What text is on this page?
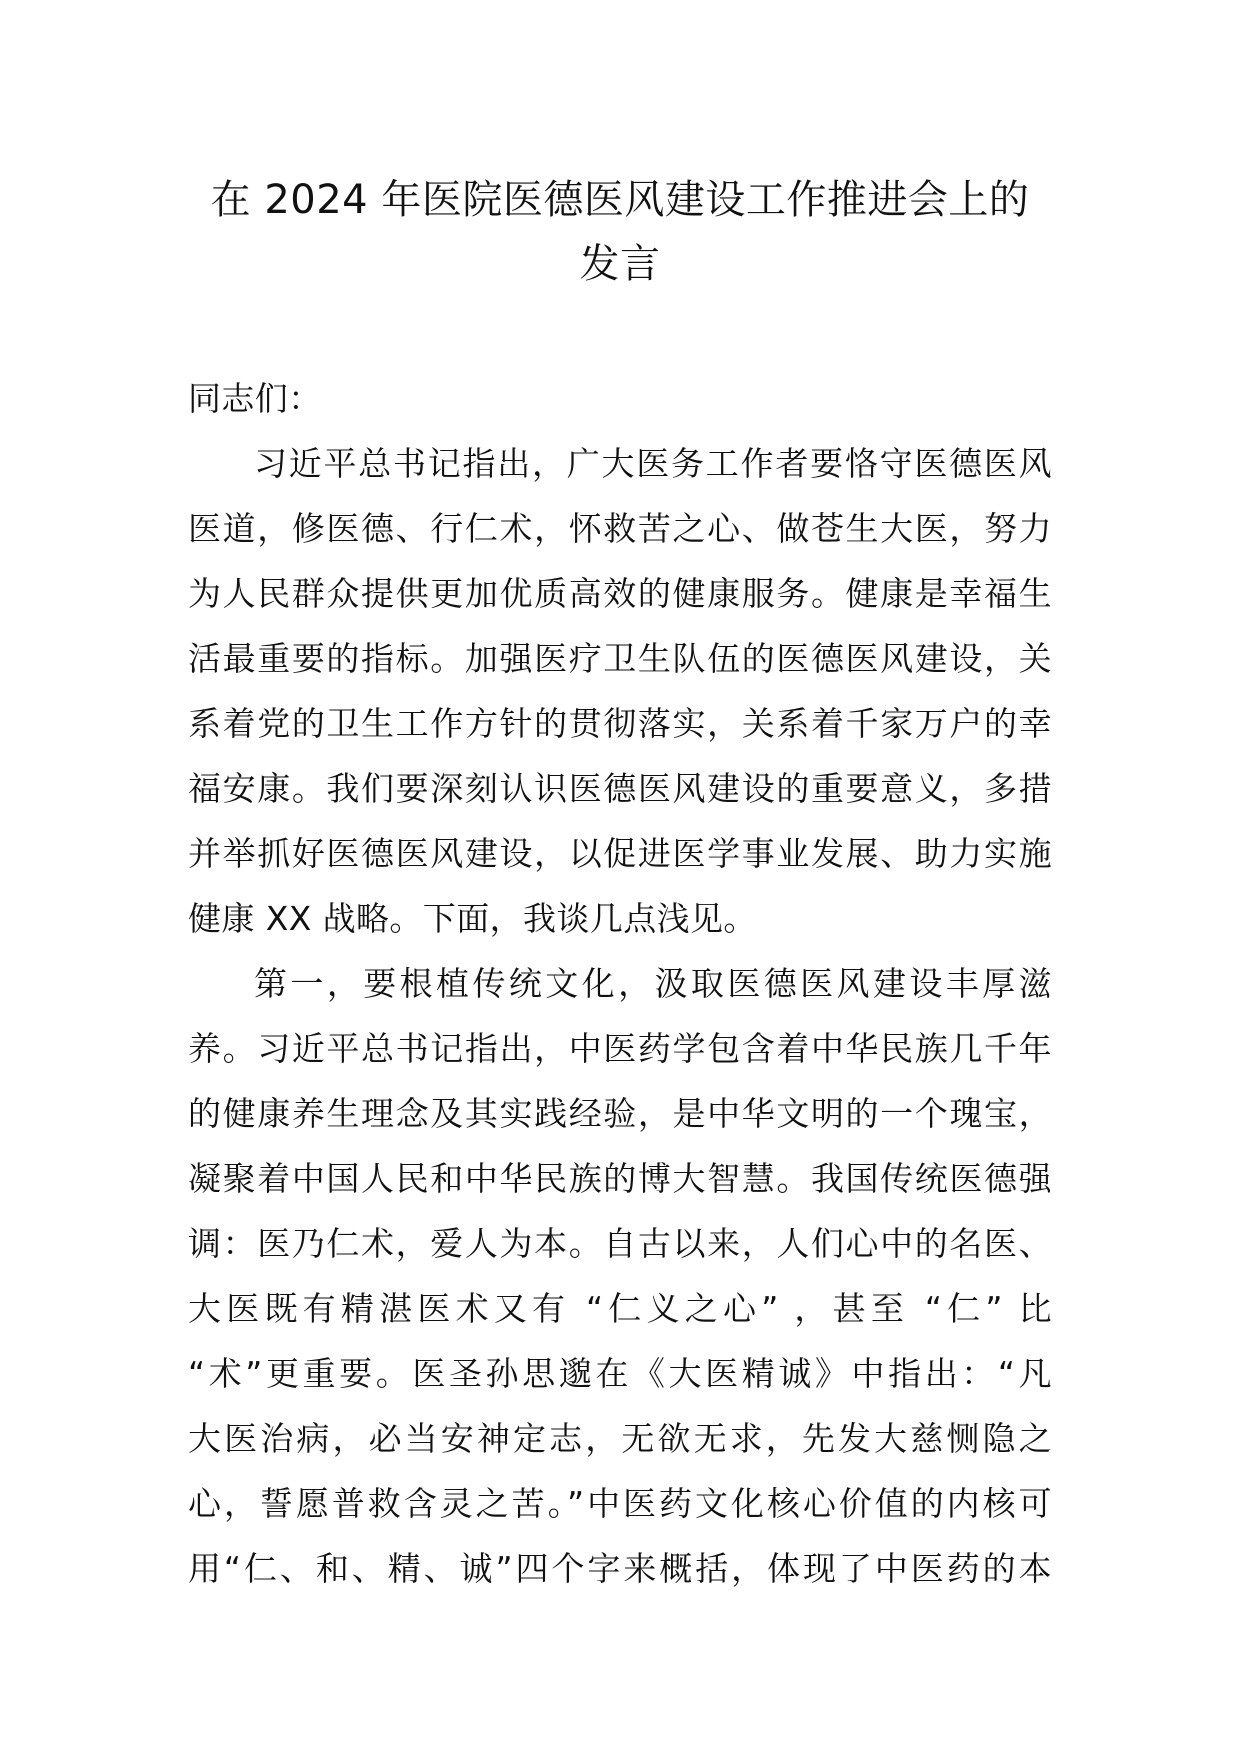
在 2024 年医院医德医风建设工作推进会上的
发言
同志们：
习近平总书记指出，广大医务工作者要恪守医德医风
医道，修医德、行仁术，怀救苦之心、做苍生大医，努力
为人民群众提供更加优质高效的健康服务。健康是幸福生
活最重要的指标。加强医疗卫生队伍的医德医风建设，关
系着党的卫生工作方针的贯彻落实，关系着千家万户的幸
福安康。我们要深刻认识医德医风建设的重要意义，多措
并举抓好医德医风建设，以促进医学事业发展、助力实施
健康 XX 战略。下面，我谈几点浅见。
第一，要根植传统文化，汲取医德医风建设丰厚滋
养。习近平总书记指出，中医药学包含着中华民族几千年
的健康养生理念及其实践经验，是中华文明的一个瑰宝，
凝聚着中国人民和中华民族的博大智慧。我国传统医德强
调：医乃仁术，爱人为本。自古以来，人们心中的名医、
大医既有精湛医术又有 “仁义之心” ，甚至 “仁” 比
“术”更重要。医圣孙思邈在《大医精诚》中指出：“凡
大医治病，必当安神定志，无欲无求，先发大慈恻隐之
心，誓愿普救含灵之苦。”中医药文化核心价值的内核可
用“仁、和、精、诚”四个字来概括，体现了中医药的本
